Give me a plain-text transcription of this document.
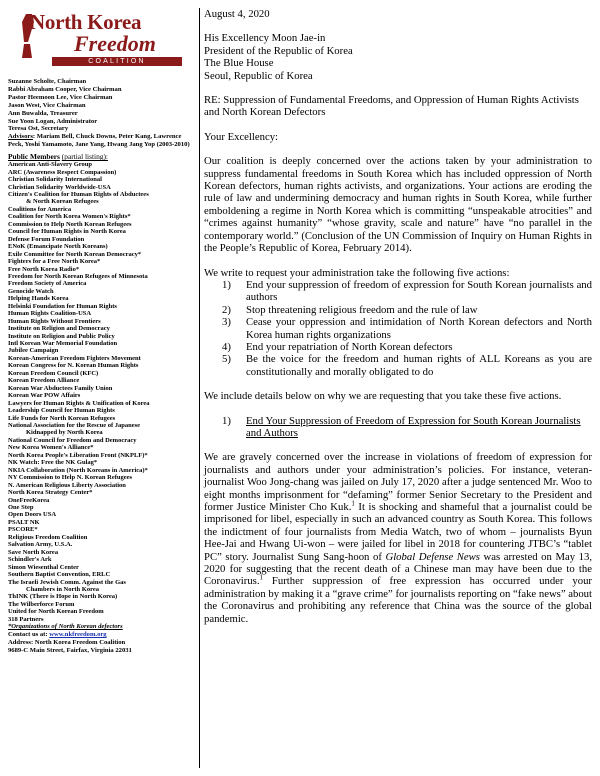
North Korea
Freedom
COALITION
Suzanne Scholte, Chairman
Rabbi Abraham Cooper, Vice Chairman
Pastor Heemoon Lee, Vice Chairman
Jason West, Vice Chairman
Ann Buwalda, Treasurer
Sue Yoon Logan, Administrator
Teresa Ost, Secretary
Advisors: Mariam Bell, Chuck Downs, Peter Kang, Lawrence Peck, Yoshi Yamamoto, Jane Yang, Hwang Jang Yop (2003-2010)
Public Members (partial listing):
American Anti-Slavery Group
ARC (Awareness Respect Compassion)
Christian Solidarity International
Christian Solidarity Worldwide-USA
Citizen's Coalition for Human Rights of Abductees
& North Korean Refugees
Coalitions for America
Coalition for North Korea Women's Rights*
Commission to Help North Korean Refugees
Council for Human Rights in North Korea
Defense Forum Foundation
ENoK (Emancipate North Koreans)
Exile Committee for North Korean Democracy*
Fighters for a Free North Korea*
Free North Korea Radio*
Freedom for North Korean Refugees of Minnesota
Freedom Society of America
Genocide Watch
Helping Hands Korea
Helsinki Foundation for Human Rights
Human Rights Coalition-USA
Human Rights Without Frontiers
Institute on Religion and Democracy
Institute on Religion and Public Policy
Intl Korean War Memorial Foundation
Jubilee Campaign
Korean-American Freedom Fighters Movement
Korean Congress for N. Korean Human Rights
Korean Freedom Council (KFC)
Korean Freedom Alliance
Korean War Abductees Family Union
Korean War POW Affairs
Lawyers for Human Rights & Unification of Korea
Leadership Council for Human Rights
Life Funds for North Korean Refugees
National Association for the Rescue of Japanese
Kidnapped by North Korea
National Council for Freedom and Democracy
New Korea Women's Alliance*
North Korea People's Liberation Front (NKPLF)*
NK Watch: Free the NK Gulag*
NKIA Collaboration (North Koreans in America)*
NY Commission to Help N. Korean Refugees
N. American Religious Liberty Association
North Korea Strategy Center*
OneFreeKorea
One Step
Open Doors USA
PSALT NK
PSCORE*
Religious Freedom Coalition
Salvation Army, U.S.A.
Save North Korea
Schindler's Ark
Simon Wiesenthal Center
Southern Baptist Convention, ERLC
The Israeli Jewish Comm. Against the Gas
Chambers in North Korea
ThINK (There is Hope in North Korea)
The Wilberforce Forum
United for North Korean Freedom
318 Partners
*Organizations of North Korean defectors
Contact us at: www.nkfreedom.org
Address: North Korea Freedom Coalition
9689-C Main Street, Fairfax, Virginia 22031

August 4, 2020

His Excellency Moon Jae-in
President of the Republic of Korea
The Blue House
Seoul, Republic of Korea

RE: Suppression of Fundamental Freedoms, and Oppression of Human Rights Activists and North Korean Defectors

Your Excellency:

Our coalition is deeply concerned over the actions taken by your administration to suppress fundamental freedoms in South Korea which has included oppression of North Korean defectors, human rights activists, and organizations. Your actions are eroding the rule of law and undermining democracy and human rights in South Korea, while further emboldening a regime in North Korea which is committing “unspeakable atrocities” and “crimes against humanity” “whose gravity, scale and nature” have “no parallel in the contemporary world.” (Conclusion of the UN Commission of Inquiry on Human Rights in the People’s Republic of Korea, February 2014).

We write to request your administration take the following five actions:

1) End your suppression of freedom of expression for South Korean journalists and authors
2) Stop threatening religious freedom and the rule of law
3) Cease your oppression and intimidation of North Korean defectors and North Korea human rights organizations
4) End your repatriation of North Korean defectors
5) Be the voice for the freedom and human rights of ALL Koreans as you are constitutionally and morally obligated to do

We include details below on why we are requesting that you take these five actions.

1) End Your Suppression of Freedom of Expression for South Korean Journalists and Authors

We are gravely concerned over the increase in violations of freedom of expression for journalists and authors under your administration’s policies. For instance, veteran-journalist Woo Jong-chang was jailed on July 17, 2020 after a judge sentenced Mr. Woo to eight months imprisonment for “defaming” former Senior Secretary to the President and former Justice Minister Cho Kuk.$^1$ It is shocking and shameful that a journalist could be imprisoned for libel, especially in such an advanced country as South Korea. This follows the indictment of four journalists from Media Watch, two of whom – journalists Byun Hee-Jai and Hwang Ui-won – were jailed for libel in 2018 for countering JTBC’s “tablet PC” story. Journalist Sung Sang-hoon of Global Defense News was arrested on May 13, 2020 for suggesting that the recent death of a Chinese man may have been due to the Coronavirus.$^1$ Further suppression of free expression has occurred under your administration by making it a “grave crime” for journalists reporting on “fake news” about the Coronavirus and prohibiting any reference that China was the source of the global pandemic.
